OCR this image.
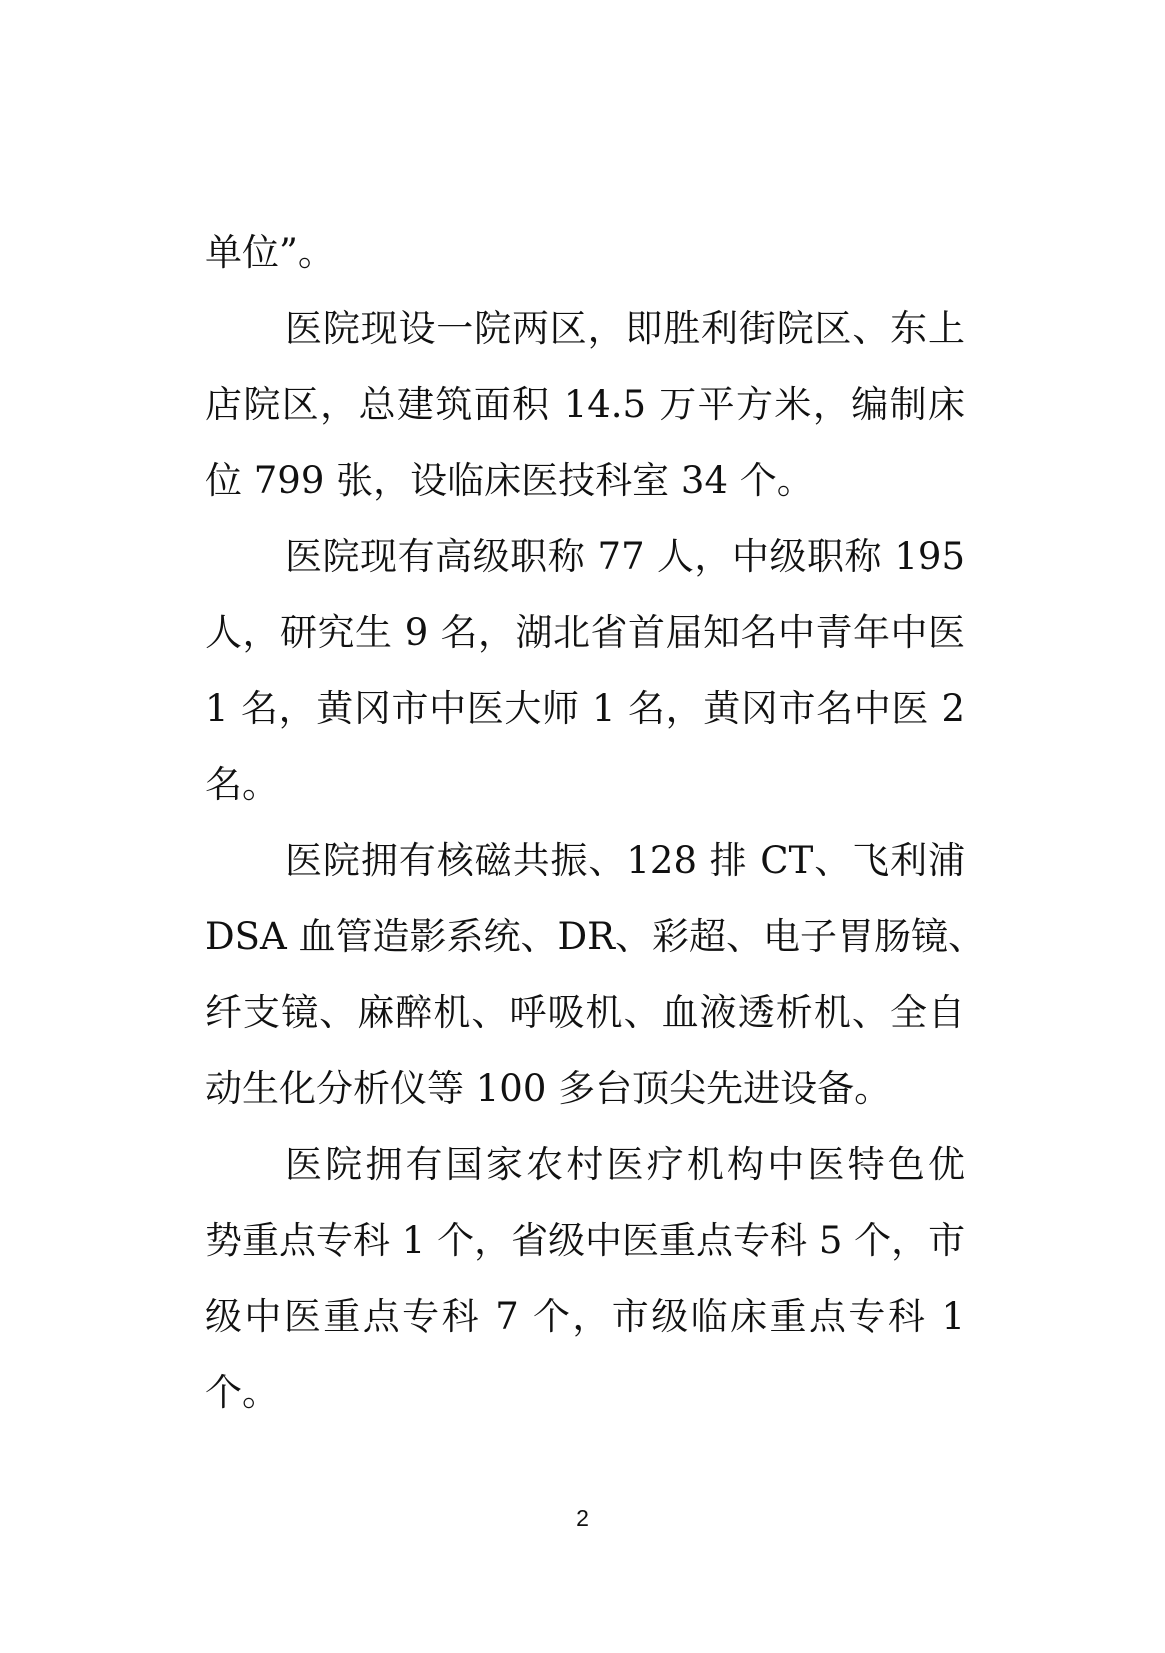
单位”。
医院现设一院两区，即胜利街院区、东上
店院区，总建筑面积 14.5 万平方米，编制床
位 799 张，设临床医技科室 34 个。
医院现有高级职称 77 人，中级职称 195
人，研究生 9 名，湖北省首届知名中青年中医
1 名，黄冈市中医大师 1 名，黄冈市名中医 2
名。
医院拥有核磁共振、128 排 CT、飞利浦
DSA 血管造影系统、DR、彩超、电子胃肠镜、
纤支镜、麻醉机、呼吸机、血液透析机、全自
动生化分析仪等 100 多台顶尖先进设备。
医院拥有国家农村医疗机构中医特色优
势重点专科 1 个，省级中医重点专科 5 个，市
级中医重点专科 7 个，市级临床重点专科 1
个。
2
